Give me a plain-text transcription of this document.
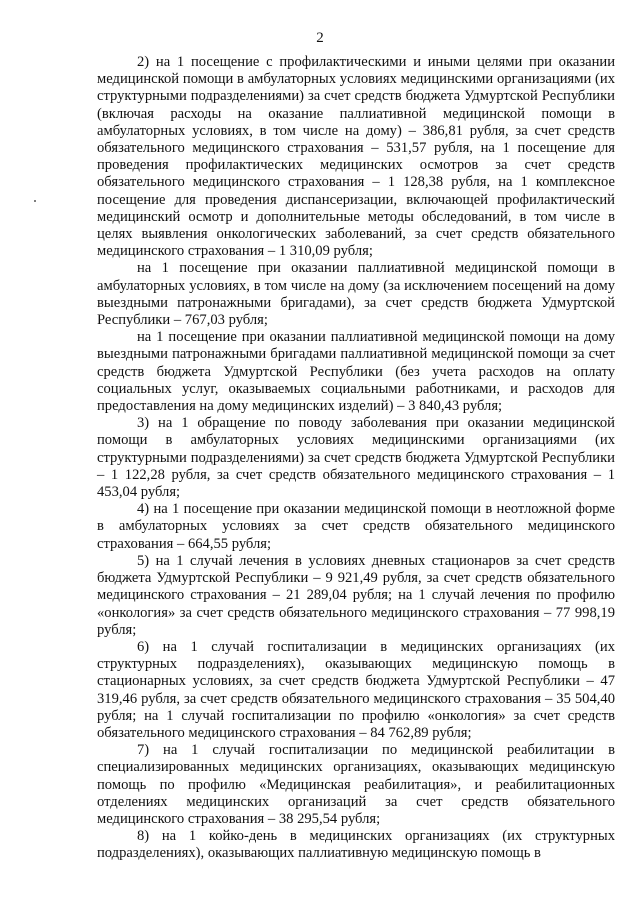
2

2) на 1 посещение с профилактическими и иными целями при оказании медицинской помощи в амбулаторных условиях медицинскими организациями (их структурными подразделениями) за счет средств бюджета Удмуртской Республики (включая расходы на оказание паллиативной медицинской помощи в амбулаторных условиях, в том числе на дому) – 386,81 рубля, за счет средств обязательного медицинского страхования – 531,57 рубля, на 1 посещение для проведения профилактических медицинских осмотров за счет средств обязательного медицинского страхования – 1 128,38 рубля, на 1 комплексное посещение для проведения диспансеризации, включающей профилактический медицинский осмотр и дополнительные методы обследований, в том числе в целях выявления онкологических заболеваний, за счет средств обязательного медицинского страхования – 1 310,09 рубля;

на 1 посещение при оказании паллиативной медицинской помощи в амбулаторных условиях, в том числе на дому (за исключением посещений на дому выездными патронажными бригадами), за счет средств бюджета Удмуртской Республики – 767,03 рубля;

на 1 посещение при оказании паллиативной медицинской помощи на дому выездными патронажными бригадами паллиативной медицинской помощи за счет средств бюджета Удмуртской Республики (без учета расходов на оплату социальных услуг, оказываемых социальными работниками, и расходов для предоставления на дому медицинских изделий) – 3 840,43 рубля;

3) на 1 обращение по поводу заболевания при оказании медицинской помощи в амбулаторных условиях медицинскими организациями (их структурными подразделениями) за счет средств бюджета Удмуртской Республики – 1 122,28 рубля, за счет средств обязательного медицинского страхования – 1 453,04 рубля;

4) на 1 посещение при оказании медицинской помощи в неотложной форме в амбулаторных условиях за счет средств обязательного медицинского страхования – 664,55 рубля;

5) на 1 случай лечения в условиях дневных стационаров за счет средств бюджета Удмуртской Республики – 9 921,49 рубля, за счет средств обязательного медицинского страхования – 21 289,04 рубля; на 1 случай лечения по профилю «онкология» за счет средств обязательного медицинского страхования – 77 998,19 рубля;

6) на 1 случай госпитализации в медицинских организациях (их структурных подразделениях), оказывающих медицинскую помощь в стационарных условиях, за счет средств бюджета Удмуртской Республики – 47 319,46 рубля, за счет средств обязательного медицинского страхования – 35 504,40 рубля; на 1 случай госпитализации по профилю «онкология» за счет средств обязательного медицинского страхования – 84 762,89 рубля;

7) на 1 случай госпитализации по медицинской реабилитации в специализированных медицинских организациях, оказывающих медицинскую помощь по профилю «Медицинская реабилитация», и реабилитационных отделениях медицинских организаций за счет средств обязательного медицинского страхования – 38 295,54 рубля;

8) на 1 койко-день в медицинских организациях (их структурных подразделениях), оказывающих паллиативную медицинскую помощь в
